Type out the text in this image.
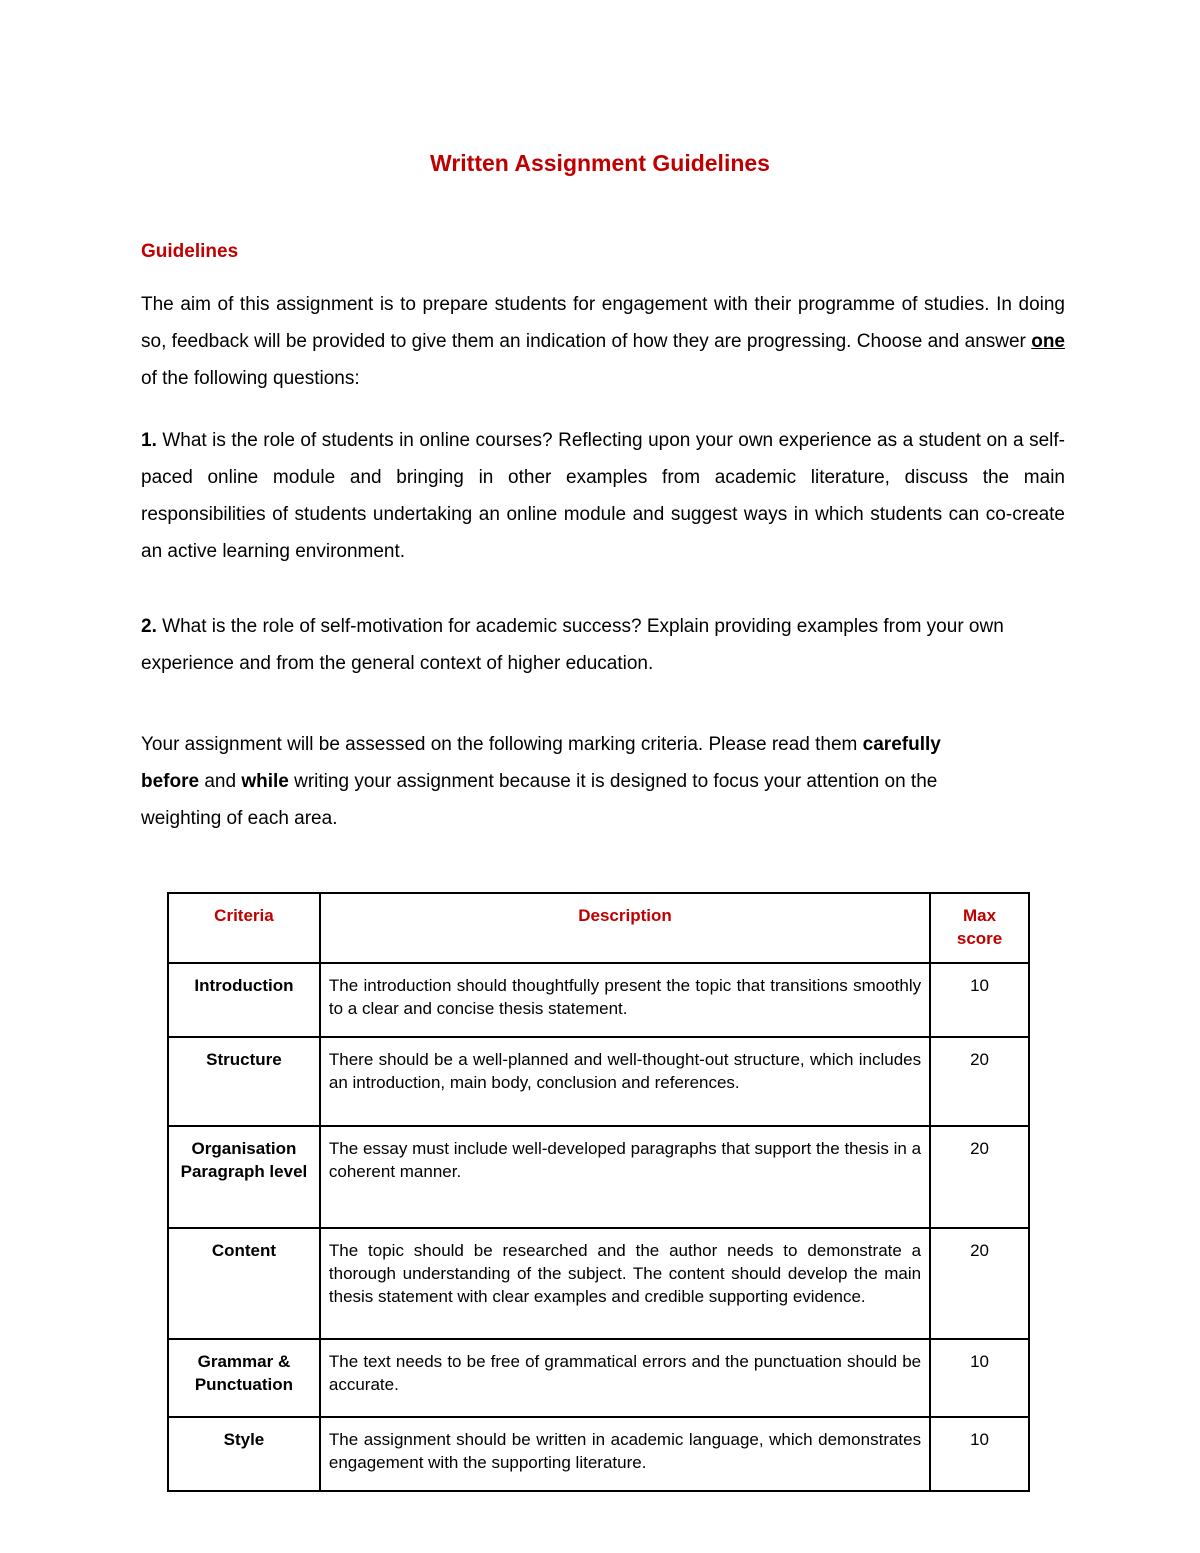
Written Assignment Guidelines
Guidelines

The aim of this assignment is to prepare students for engagement with their programme of studies. In doing so, feedback will be provided to give them an indication of how they are progressing. Choose and answer one of the following questions:

1. What is the role of students in online courses? Reflecting upon your own experience as a student on a self-paced online module and bringing in other examples from academic literature, discuss the main responsibilities of students undertaking an online module and suggest ways in which students can co-create an active learning environment.

2. What is the role of self-motivation for academic success? Explain providing examples from your own experience and from the general context of higher education.

Your assignment will be assessed on the following marking criteria. Please read them carefully before and while writing your assignment because it is designed to focus your attention on the weighting of each area.

Criteria	Description	Max score
Introduction	The introduction should thoughtfully present the topic that transitions smoothly to a clear and concise thesis statement.	10
Structure	There should be a well-planned and well-thought-out structure, which includes an introduction, main body, conclusion and references.	20
Organisation Paragraph level	The essay must include well-developed paragraphs that support the thesis in a coherent manner.	20
Content	The topic should be researched and the author needs to demonstrate a thorough understanding of the subject. The content should develop the main thesis statement with clear examples and credible supporting evidence.	20
Grammar & Punctuation	The text needs to be free of grammatical errors and the punctuation should be accurate.	10
Style	The assignment should be written in academic language, which demonstrates engagement with the supporting literature.	10
